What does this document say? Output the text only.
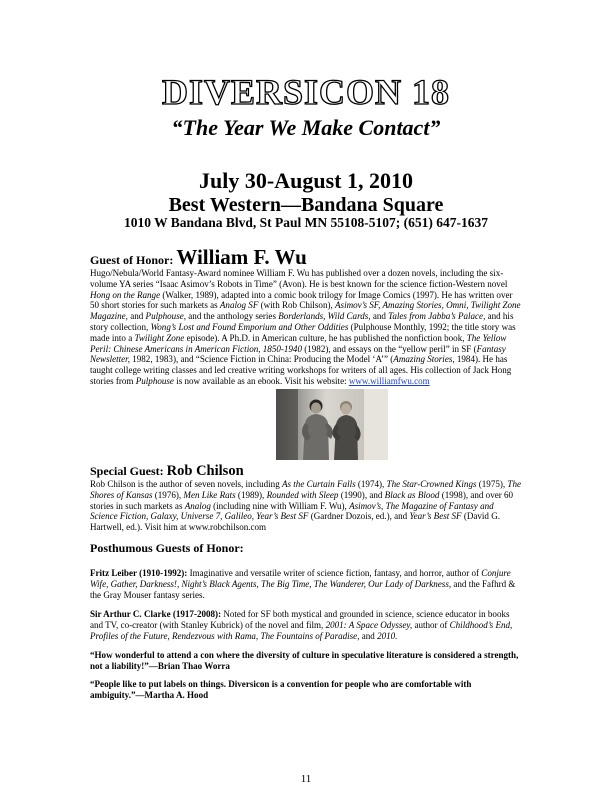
DIVERSICON 18
“The Year We Make Contact”
July 30-August 1, 2010
Best Western—Bandana Square
1010 W Bandana Blvd, St Paul MN 55108-5107; (651) 647-1637
Guest of Honor: William F. Wu

Hugo/Nebula/World Fantasy-Award nominee William F. Wu has published over a dozen novels, including the six-volume YA series “Isaac Asimov’s Robots in Time” (Avon). He is best known for the science fiction-Western novel Hong on the Range (Walker, 1989), adapted into a comic book trilogy for Image Comics (1997). He has written over 50 short stories for such markets as Analog SF (with Rob Chilson), Asimov’s SF, Amazing Stories, Omni, Twilight Zone Magazine, and Pulphouse, and the anthology series Borderlands, Wild Cards, and Tales from Jabba’s Palace, and his story collection, Wong’s Lost and Found Emporium and Other Oddities (Pulphouse Monthly, 1992; the title story was made into a Twilight Zone episode). A Ph.D. in American culture, he has published the nonfiction book, The Yellow Peril: Chinese Americans in American Fiction, 1850-1940 (1982), and essays on the “yellow peril” in SF (Fantasy Newsletter, 1982, 1983), and “Science Fiction in China: Producing the Model ‘A’” (Amazing Stories, 1984). He has taught college writing classes and led creative writing workshops for writers of all ages. His collection of Jack Hong stories from Pulphouse is now available as an ebook. Visit his website: www.williamfwu.com

Special Guest: Rob Chilson

Rob Chilson is the author of seven novels, including As the Curtain Falls (1974), The Star-Crowned Kings (1975), The Shores of Kansas (1976), Men Like Rats (1989), Rounded with Sleep (1990), and Black as Blood (1998), and over 60 stories in such markets as Analog (including nine with William F. Wu), Asimov’s, The Magazine of Fantasy and Science Fiction, Galaxy, Universe 7, Galileo, Year’s Best SF (Gardner Dozois, ed.), and Year’s Best SF (David G. Hartwell, ed.). Visit him at www.robchilson.com

Posthumous Guests of Honor:

Fritz Leiber (1910-1992): Imaginative and versatile writer of science fiction, fantasy, and horror, author of Conjure Wife, Gather, Darkness!, Night’s Black Agents, The Big Time, The Wanderer, Our Lady of Darkness, and the Fafhrd & the Gray Mouser fantasy series.

Sir Arthur C. Clarke (1917-2008): Noted for SF both mystical and grounded in science, science educator in books and TV, co-creator (with Stanley Kubrick) of the novel and film, 2001: A Space Odyssey, author of Childhood’s End, Profiles of the Future, Rendezvous with Rama, The Fountains of Paradise, and 2010.

“How wonderful to attend a con where the diversity of culture in speculative literature is considered a strength, not a liability!”—Brian Thao Worra

“People like to put labels on things. Diversicon is a convention for people who are comfortable with ambiguity.”—Martha A. Hood

11
